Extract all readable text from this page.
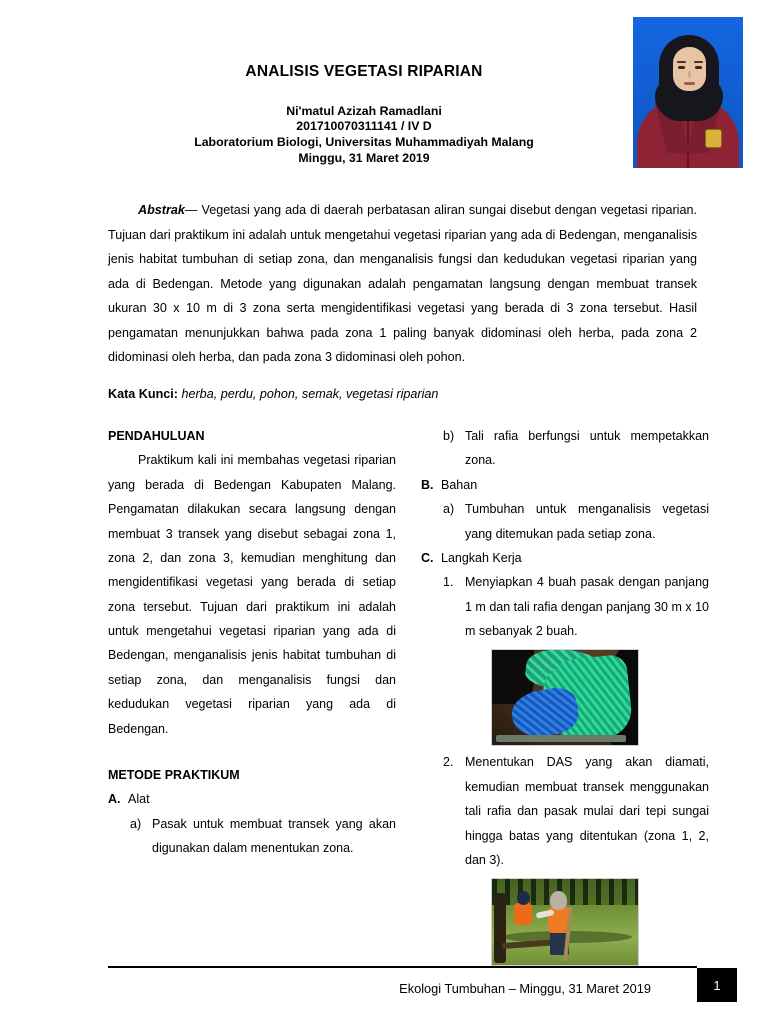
ANALISIS VEGETASI RIPARIAN
Ni'matul Azizah Ramadlani
201710070311141 / IV D
Laboratorium Biologi, Universitas Muhammadiyah Malang
Minggu, 31 Maret 2019

Abstrak— Vegetasi yang ada di daerah perbatasan aliran sungai disebut dengan vegetasi riparian. Tujuan dari praktikum ini adalah untuk mengetahui vegetasi riparian yang ada di Bedengan, menganalisis jenis habitat tumbuhan di setiap zona, dan menganalisis fungsi dan kedudukan vegetasi riparian yang ada di Bedengan. Metode yang digunakan adalah pengamatan langsung dengan membuat transek ukuran 30 x 10 m di 3 zona serta mengidentifikasi vegetasi yang berada di 3 zona tersebut. Hasil pengamatan menunjukkan bahwa pada zona 1 paling banyak didominasi oleh herba, pada zona 2 didominasi oleh herba, dan pada zona 3 didominasi oleh pohon.

Kata Kunci: herba, perdu, pohon, semak, vegetasi riparian
PENDAHULUAN

Praktikum kali ini membahas vegetasi riparian yang berada di Bedengan Kabupaten Malang. Pengamatan dilakukan secara langsung dengan membuat 3 transek yang disebut sebagai zona 1, zona 2, dan zona 3, kemudian menghitung dan mengidentifikasi vegetasi yang berada di setiap zona tersebut. Tujuan dari praktikum ini adalah untuk mengetahui vegetasi riparian yang ada di Bedengan, menganalisis jenis habitat tumbuhan di setiap zona, dan menganalisis fungsi dan kedudukan vegetasi riparian yang ada di Bedengan.

METODE PRAKTIKUM
A. Alat
a) Pasak untuk membuat transek yang akan digunakan dalam menentukan zona.
b) Tali rafia berfungsi untuk mempetakkan zona.
B. Bahan
a) Tumbuhan untuk menganalisis vegetasi yang ditemukan pada setiap zona.
C. Langkah Kerja
1. Menyiapkan 4 buah pasak dengan panjang 1 m dan tali rafia dengan panjang 30 m x 10 m sebanyak 2 buah.
2. Menentukan DAS yang akan diamati, kemudian membuat transek menggunakan tali rafia dan pasak mulai dari tepi sungai hingga batas yang ditentukan (zona 1, 2, dan 3).
Ekologi Tumbuhan – Minggu, 31 Maret 2019	1
